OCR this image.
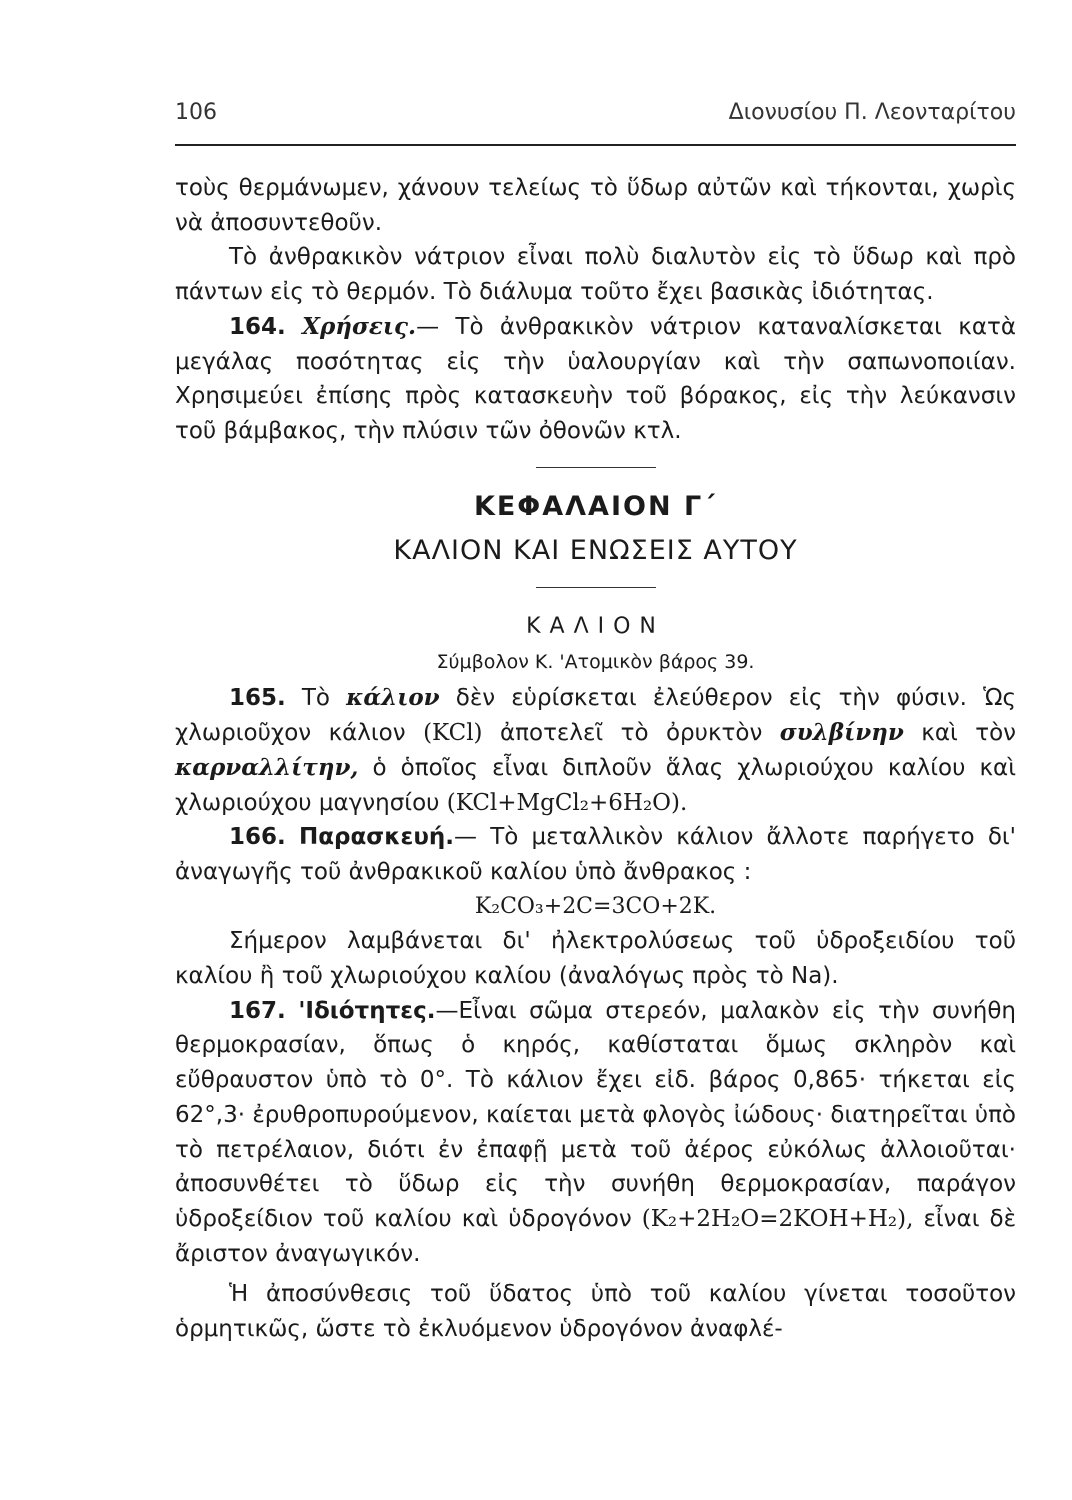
106	Διονυσίου Π. Λεονταρίτου

τοὺς θερμάνωμεν, χάνουν τελείως τὸ ὕδωρ αὐτῶν καὶ τήκονται, χωρὶς νὰ ἀποσυντεθοῦν.

Τὸ ἀνθρακικὸν νάτριον εἶναι πολὺ διαλυτὸν εἰς τὸ ὕδωρ καὶ πρὸ πάντων εἰς τὸ θερμόν. Τὸ διάλυμα τοῦτο ἔχει βασικὰς ἰδιότητας.

164. Χρήσεις.— Τὸ ἀνθρακικὸν νάτριον καταναλίσκεται κατὰ μεγάλας ποσότητας εἰς τὴν ὑαλουργίαν καὶ τὴν σαπωνοποιίαν. Χρησιμεύει ἐπίσης πρὸς κατασκευὴν τοῦ βόρακος, εἰς τὴν λεύκανσιν τοῦ βάμβακος, τὴν πλύσιν τῶν ὀθονῶν κτλ.

ΚΕΦΑΛΑΙΟΝ Γ΄
ΚΑΛΙΟΝ ΚΑΙ ΕΝΩΣΕΙΣ ΑΥΤΟΥ
ΚΑΛΙΟΝ
Σύμβολον Κ. 'Ατομικὸν βάρος 39.

165. Τὸ κάλιον δὲν εὑρίσκεται ἐλεύθερον εἰς τὴν φύσιν. Ὡς χλωριοῦχον κάλιον (KCl) ἀποτελεῖ τὸ ὀρυκτὸν συλβίνην καὶ τὸν καρναλλίτην, ὁ ὁποῖος εἶναι διπλοῦν ἅλας χλωριούχου καλίου καὶ χλωριούχου μαγνησίου (KCl+MgCl₂+6H₂O).

166. Παρασκευή.— Τὸ μεταλλικὸν κάλιον ἄλλοτε παρήγετο δι' ἀναγωγῆς τοῦ ἀνθρακικοῦ καλίου ὑπὸ ἄνθρακος :

K₂CO₃+2C=3CO+2K.

Σήμερον λαμβάνεται δι' ἠλεκτρολύσεως τοῦ ὑδροξειδίου τοῦ καλίου ἢ τοῦ χλωριούχου καλίου (ἀναλόγως πρὸς τὸ Na).

167. 'Ιδιότητες.—Εἶναι σῶμα στερεόν, μαλακὸν εἰς τὴν συνήθη θερμοκρασίαν, ὅπως ὁ κηρός, καθίσταται ὅμως σκληρὸν καὶ εὔθραυστον ὑπὸ τὸ 0°. Τὸ κάλιον ἔχει εἰδ. βάρος 0,865· τήκεται εἰς 62°,3· ἐρυθροπυρούμενον, καίεται μετὰ φλογὸς ἰώδους· διατηρεῖται ὑπὸ τὸ πετρέλαιον, διότι ἐν ἐπαφῇ μετὰ τοῦ ἀέρος εὐκόλως ἀλλοιοῦται· ἀποσυνθέτει τὸ ὕδωρ εἰς τὴν συνήθη θερμοκρασίαν, παράγον ὑδροξείδιον τοῦ καλίου καὶ ὑδρογόνον (K₂+2H₂O=2KOH+H₂), εἶναι δὲ ἄριστον ἀναγωγικόν.

Ἡ ἀποσύνθεσις τοῦ ὕδατος ὑπὸ τοῦ καλίου γίνεται τοσοῦτον ὁρμητικῶς, ὥστε τὸ ἐκλυόμενον ὑδρογόνον ἀναφλέ-
